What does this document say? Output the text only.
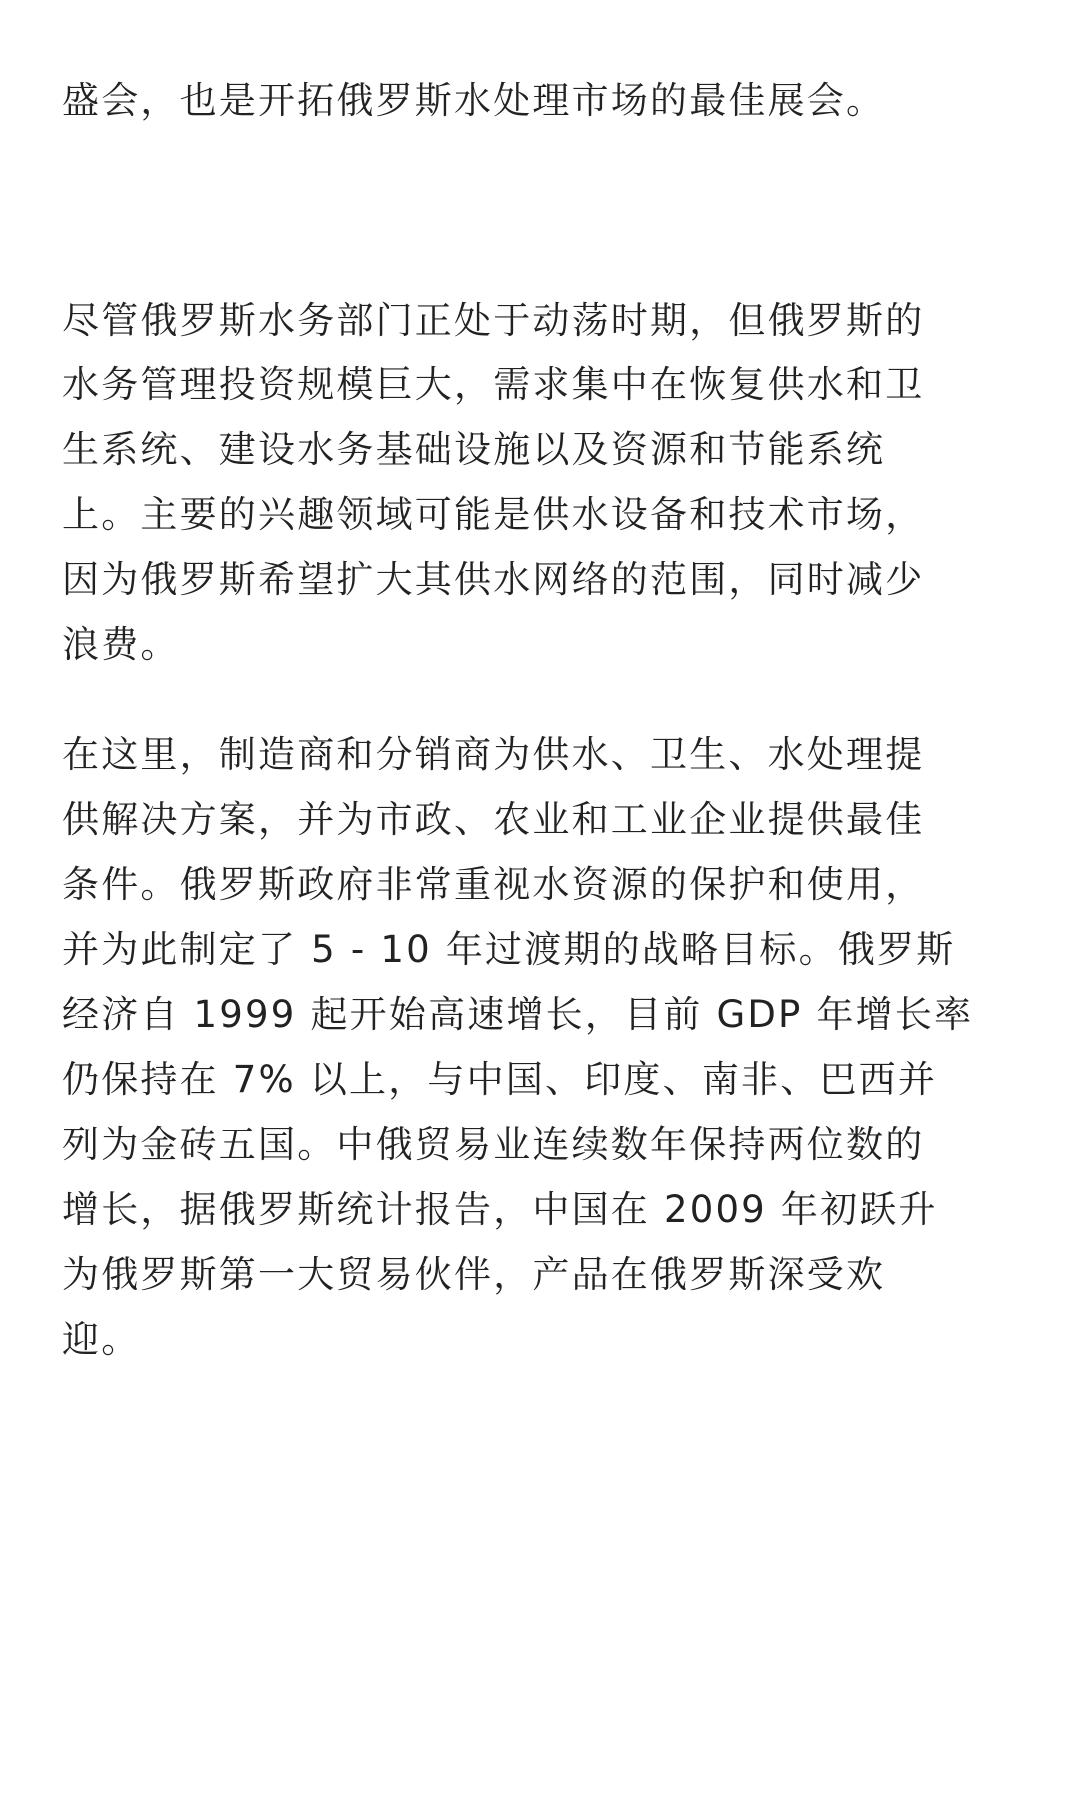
盛会，也是开拓俄罗斯水处理市场的最佳展会。
尽管俄罗斯水务部门正处于动荡时期，但俄罗斯的
水务管理投资规模巨大，需求集中在恢复供水和卫
生系统、建设水务基础设施以及资源和节能系统
上。主要的兴趣领域可能是供水设备和技术市场，
因为俄罗斯希望扩大其供水网络的范围，同时减少
浪费。
在这里，制造商和分销商为供水、卫生、水处理提
供解决方案，并为市政、农业和工业企业提供最佳
条件。俄罗斯政府非常重视水资源的保护和使用，
并为此制定了 5 - 10 年过渡期的战略目标。俄罗斯
经济自 1999 起开始高速增长，目前 GDP 年增长率
仍保持在 7% 以上，与中国、印度、南非、巴西并
列为金砖五国。中俄贸易业连续数年保持两位数的
增长，据俄罗斯统计报告，中国在 2009 年初跃升
为俄罗斯第一大贸易伙伴，产品在俄罗斯深受欢
迎。
